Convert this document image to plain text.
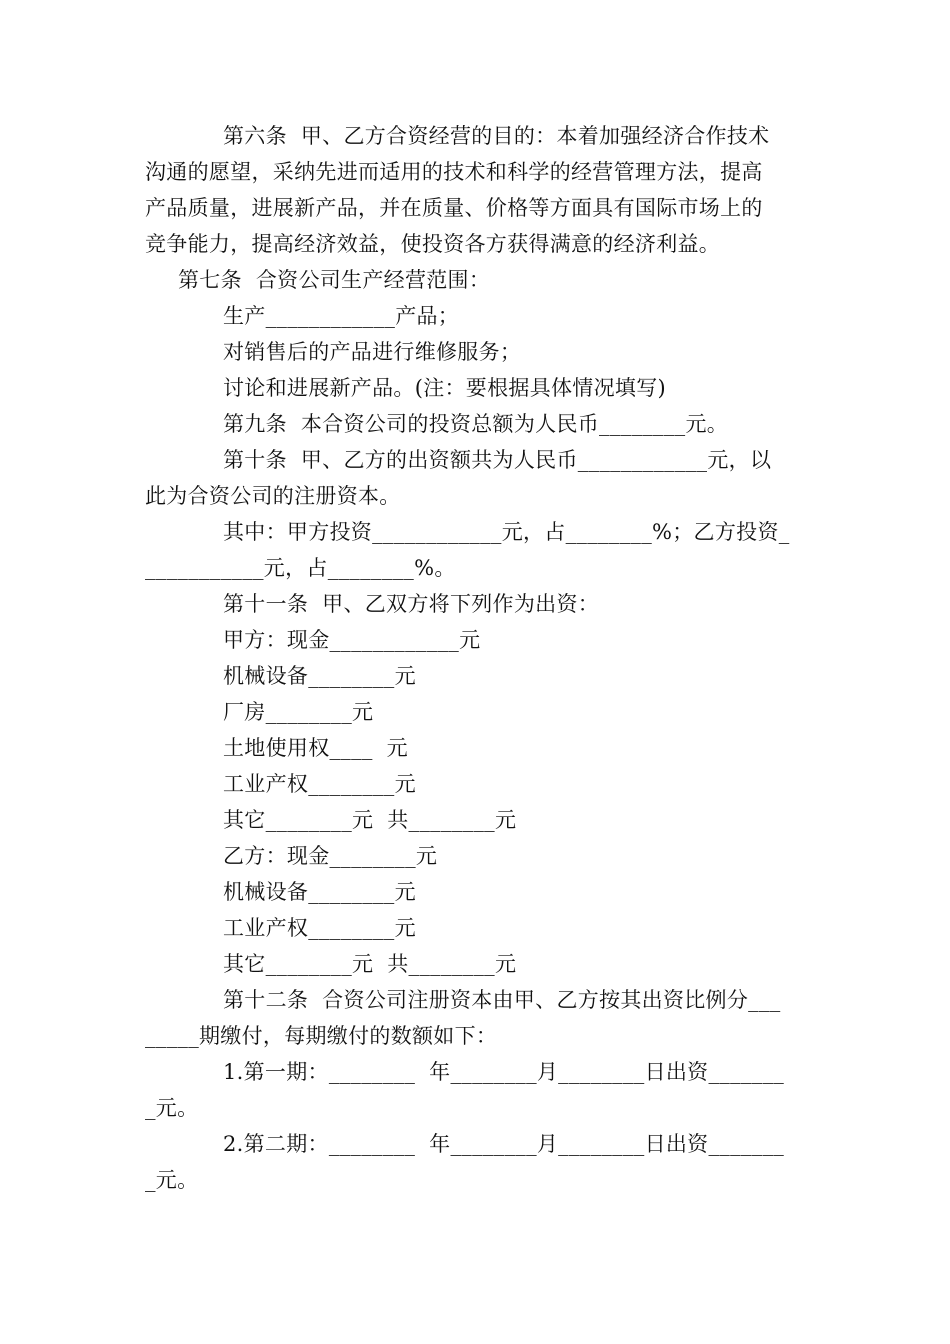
第六条  甲、乙方合资经营的目的：本着加强经济合作技术
沟通的愿望，采纳先进而适用的技术和科学的经营管理方法，提高
产品质量，进展新产品，并在质量、价格等方面具有国际市场上的
竞争能力，提高经济效益，使投资各方获得满意的经济利益。
第七条  合资公司生产经营范围：
生产____________产品；
对销售后的产品进行维修服务；
讨论和进展新产品。(注：要根据具体情况填写)
第九条  本合资公司的投资总额为人民币________元。
第十条  甲、乙方的出资额共为人民币____________元，以
此为合资公司的注册资本。
其中：甲方投资____________元，占________%；乙方投资_
___________元，占________%。
第十一条  甲、乙双方将下列作为出资：
甲方：现金____________元
机械设备________元
厂房________元
土地使用权____  元
工业产权________元
其它________元  共________元
乙方：现金________元
机械设备________元
工业产权________元
其它________元  共________元
第十二条  合资公司注册资本由甲、乙方按其出资比例分___
_____期缴付，每期缴付的数额如下：
1.第一期：________  年________月________日出资_______
_元。
2.第二期：________  年________月________日出资_______
_元。
